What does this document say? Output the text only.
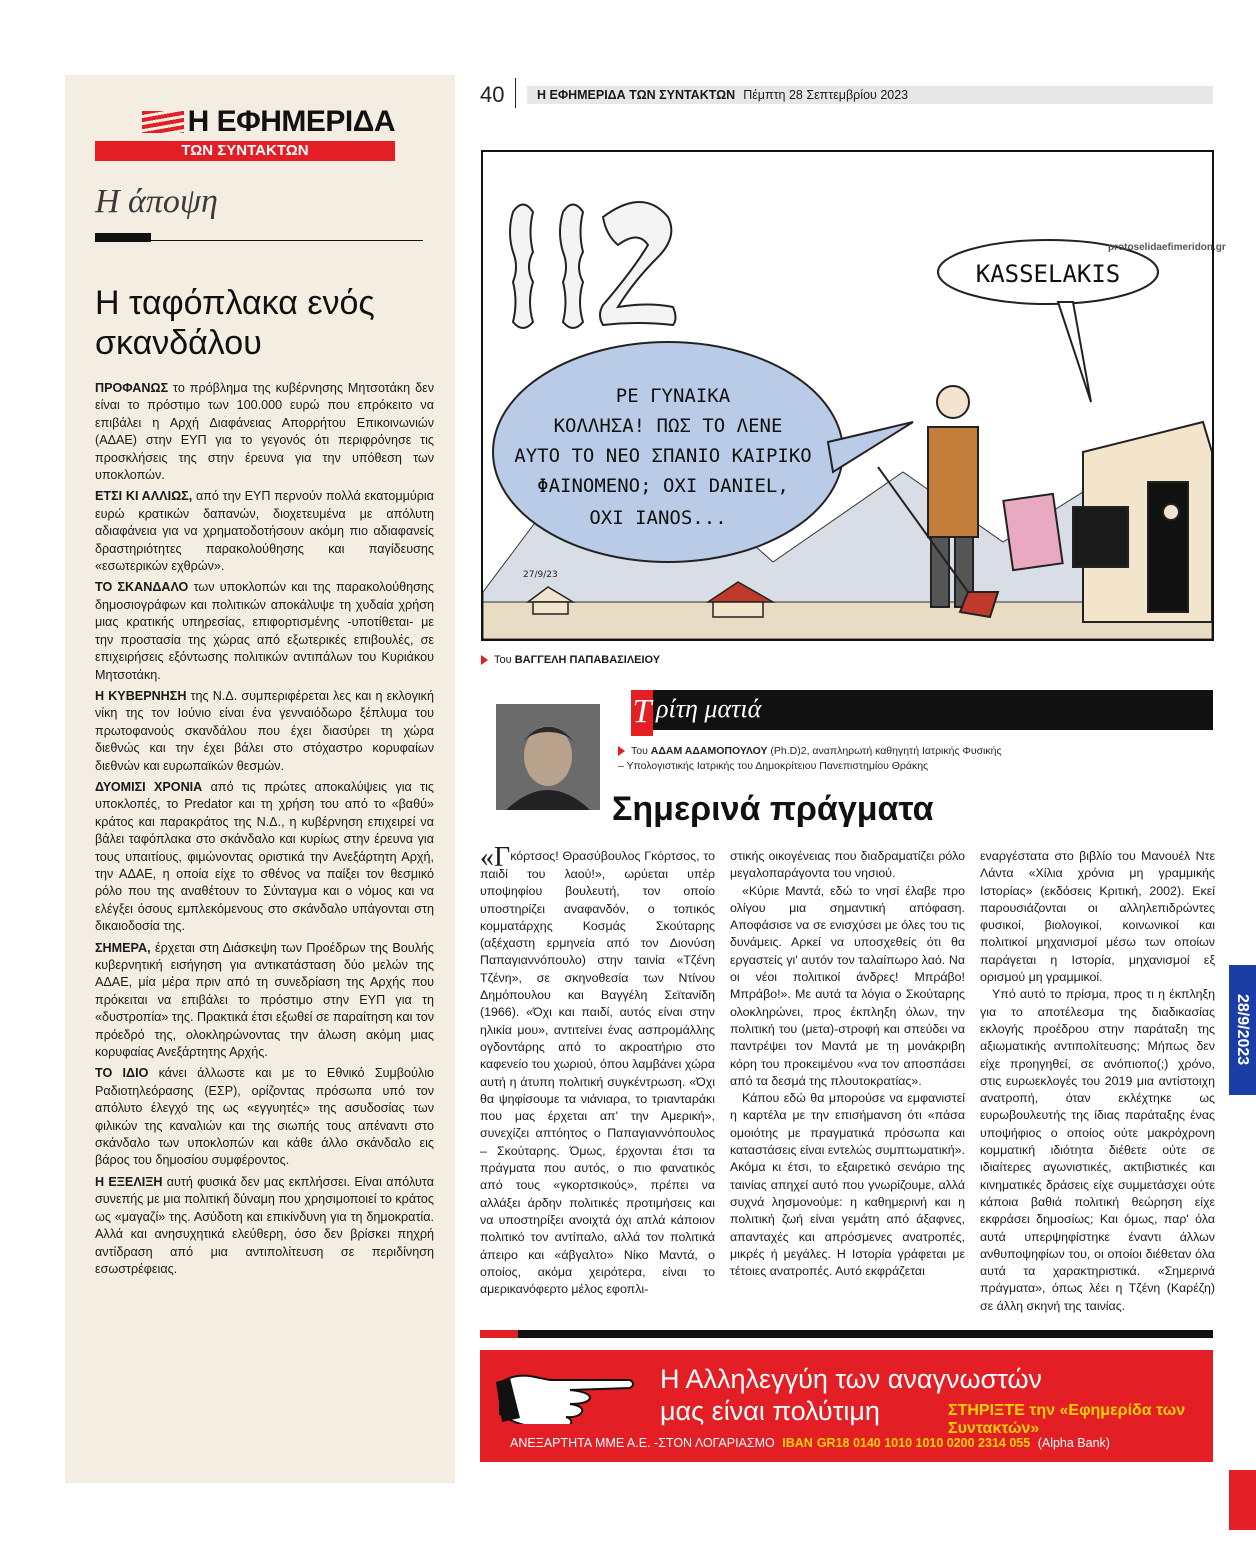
Η ΕΦΗΜΕΡΙΔΑ
ΤΩΝ ΣΥΝΤΑΚΤΩΝ
Η άποψη
Η ταφόπλακα ενός σκανδάλου

ΠΡΟΦΑΝΩΣ το πρόβλημα της κυβέρνησης Μητσοτάκη δεν είναι το πρόστιμο των 100.000 ευρώ που επρόκειτο να επιβάλει η Αρχή Διαφάνειας Απορρήτου Επικοινωνιών (ΑΔΑΕ) στην ΕΥΠ για το γεγονός ότι περιφρόνησε τις προσκλήσεις της στην έρευνα για την υπόθεση των υποκλοπών.

ΕΤΣΙ ΚΙ ΑΛΛΙΩΣ, από την ΕΥΠ περνούν πολλά εκατομμύρια ευρώ κρατικών δαπανών, διοχετευμένα με απόλυτη αδιαφάνεια για να χρηματοδοτήσουν ακόμη πιο αδιαφανείς δραστηριότητες παρακολούθησης και παγίδευσης «εσωτερικών εχθρών».

ΤΟ ΣΚΑΝΔΑΛΟ των υποκλοπών και της παρακολούθησης δημοσιογράφων και πολιτικών αποκάλυψε τη χυδαία χρήση μιας κρατικής υπηρεσίας, επιφορτισμένης -υποτίθεται- με την προστασία της χώρας από εξωτερικές επιβουλές, σε επιχειρήσεις εξόντωσης πολιτικών αντιπάλων του Κυριάκου Μητσοτάκη.

Η ΚΥΒΕΡΝΗΣΗ της Ν.Δ. συμπεριφέρεται λες και η εκλογική νίκη της τον Ιούνιο είναι ένα γενναιόδωρο ξέπλυμα του πρωτοφανούς σκανδάλου που έχει διασύρει τη χώρα διεθνώς και την έχει βάλει στο στόχαστρο κορυφαίων διεθνών και ευρωπαϊκών θεσμών.

ΔΥΟΜΙΣΙ ΧΡΟΝΙΑ από τις πρώτες αποκαλύψεις για τις υποκλοπές, το Predator και τη χρήση του από το «βαθύ» κράτος και παρακράτος της Ν.Δ., η κυβέρνηση επιχειρεί να βάλει ταφόπλακα στο σκάνδαλο και κυρίως στην έρευνα για τους υπαιτίους, φιμώνοντας οριστικά την Ανεξάρτητη Αρχή, την ΑΔΑΕ, η οποία είχε το σθένος να παίξει τον θεσμικό ρόλο που της αναθέτουν το Σύνταγμα και ο νόμος και να ελέγξει όσους εμπλεκόμενους στο σκάνδαλο υπάγονται στη δικαιοδοσία της.

ΣΗΜΕΡΑ, έρχεται στη Διάσκεψη των Προέδρων της Βουλής κυβερνητική εισήγηση για αντικατάσταση δύο μελών της ΑΔΑΕ, μία μέρα πριν από τη συνεδρίαση της Αρχής που πρόκειται να επιβάλει το πρόστιμο στην ΕΥΠ για τη «δυστροπία» της. Πρακτικά έτσι εξωθεί σε παραίτηση και τον πρόεδρό της, ολοκληρώνοντας την άλωση ακόμη μιας κορυφαίας Ανεξάρτητης Αρχής.

ΤΟ ΙΔΙΟ κάνει άλλωστε και με το Εθνικό Συμβούλιο Ραδιοτηλεόρασης (ΕΣΡ), ορίζοντας πρόσωπα υπό τον απόλυτο έλεγχό της ως «εγγυητές» της ασυδοσίας των φιλικών της καναλιών και της σιωπής τους απέναντι στο σκάνδαλο των υποκλοπών και κάθε άλλο σκάνδαλο εις βάρος του δημοσίου συμφέροντος.

Η ΕΞΕΛΙΞΗ αυτή φυσικά δεν μας εκπλήσσει. Είναι απόλυτα συνεπής με μια πολιτική δύναμη που χρησιμοποιεί το κράτος ως «μαγαζί» της. Ασύδοτη και επικίνδυνη για τη δημοκρατία. Αλλά και ανησυχητικά ελεύθερη, όσο δεν βρίσκει πηχρή αντίδραση από μια αντιπολίτευση σε περιδίνηση εσωστρέφειας.

40	Η ΕΦΗΜΕΡΙΔΑ ΤΩΝ ΣΥΝΤΑΚΤΩΝ Πέμπτη 28 Σεπτεμβρίου 2023
KASSELAKIS
ΡΕ ΓΥΝΑΙΚΑ
ΚΟΛΛΗΣΑ! ΠΩΣ ΤΟ ΛΕΝΕ
ΑΥΤΟ ΤΟ ΝΕΟ ΣΠΑΝΙΟ ΚΑΙΡΙΚΟ
ΦΑΙΝΟΜΕΝΟ; ΟΧΙ DANIEL,
ΟΧΙ IANOS...
27/9/23
protoselidaefimeridon.gr
Του ΒΑΓΓΕΛΗ ΠΑΠΑΒΑΣΙΛΕΙΟΥ
Τ ρίτη ματιά
Του ΑΔΑΜ ΑΔΑΜΟΠΟΥΛΟΥ (Ph.D)2, αναπληρωτή καθηγητή Ιατρικής Φυσικής
– Υπολογιστικής Ιατρικής του Δημοκρίτειου Πανεπιστημίου Θράκης
Σημερινά πράγματα

«Γκόρτσος! Θρασύβουλος Γκόρτσος, το παιδί του λαού!», ωρύεται υπέρ υποψηφίου βουλευτή, τον οποίο υποστηρίζει αναφανδόν, ο τοπικός κομματάρχης Κοσμάς Σκούταρης (αξέχαστη ερμηνεία από τον Διονύση Παπαγιαννόπουλο) στην ταινία «Τζένη Τζένη», σε σκηνοθεσία των Ντίνου Δημόπουλου και Βαγγέλη Σεϊτανίδη (1966). «Όχι και παιδί, αυτός είναι στην ηλικία μου», αντιτείνει ένας ασπρομάλλης ογδοντάρης από το ακροατήριο στο καφενείο του χωριού, όπου λαμβάνει χώρα αυτή η άτυπη πολιτική συγκέντρωση. «Όχι θα ψηφίσουμε τα νιάνιαρα, το τριανταράκι που μας έρχεται απ' την Αμερική», συνεχίζει απτόητος ο Παπαγιαννόπουλος – Σκούταρης. Όμως, έρχονται έτσι τα πράγματα που αυτός, ο πιο φανατικός από τους «γκορτσικούς», πρέπει να αλλάξει άρδην πολιτικές προτιμήσεις και να υποστηρίξει ανοιχτά όχι απλά κάποιον πολιτικό τον αντίπαλο, αλλά τον πολιτικά άπειρο και «άβγαλτο» Νίκο Μαντά, ο οποίος, ακόμα χειρότερα, είναι το αμερικανόφερτο μέλος εφοπλι-

στικής οικογένειας που διαδραματίζει ρόλο μεγαλοπαράγοντα του νησιού.

«Κύριε Μαντά, εδώ το νησί έλαβε προ ολίγου μια σημαντική απόφαση. Αποφάσισε να σε ενισχύσει με όλες του τις δυνάμεις. Αρκεί να υποσχεθείς ότι θα εργαστείς γι' αυτόν τον ταλαίπωρο λαό. Να οι νέοι πολιτικοί άνδρες! Μπράβο! Μπράβο!». Με αυτά τα λόγια ο Σκούταρης ολοκληρώνει, προς έκπληξη όλων, την πολιτική του (μετα)-στροφή και σπεύδει να παντρέψει τον Μαντά με τη μονάκριβη κόρη του προκειμένου «να τον αποσπάσει από τα δεσμά της πλουτοκρατίας».

Κάπου εδώ θα μπορούσε να εμφανιστεί η καρτέλα με την επισήμανση ότι «πάσα ομοιότης με πραγματικά πρόσωπα και καταστάσεις είναι εντελώς συμπτωματική». Ακόμα κι έτσι, το εξαιρετικό σενάριο της ταινίας απηχεί αυτό που γνωρίζουμε, αλλά συχνά λησμονούμε: η καθημερινή και η πολιτική ζωή είναι γεμάτη από άξαφνες, απανταχές και απρόσμενες ανατροπές, μικρές ή μεγάλες. Η Ιστορία γράφεται με τέτοιες ανατροπές. Αυτό εκφράζεται

εναργέστατα στο βιβλίο του Μανουέλ Ντε Λάντα «Χίλια χρόνια μη γραμμικής Ιστορίας» (εκδόσεις Κριτική, 2002). Εκεί παρουσιάζονται οι αλληλεπιδρώντες φυσικοί, βιολογικοί, κοινωνικοί και πολιτικοί μηχανισμοί μέσω των οποίων παράγεται η Ιστορία, μηχανισμοί εξ ορισμού μη γραμμικοί.

Υπό αυτό το πρίσμα, προς τι η έκπληξη για το αποτέλεσμα της διαδικασίας εκλογής προέδρου στην παράταξη της αξιωματικής αντιπολίτευσης; Μήπως δεν είχε προηγηθεί, σε ανόπιοπο(;) χρόνο, στις ευρωεκλογές του 2019 μια αντίστοιχη ανατροπή, όταν εκλέχτηκε ως ευρωβουλευτής της ίδιας παράταξης ένας υποψήφιος ο οποίος ούτε μακρόχρονη κομματική ιδιότητα διέθετε ούτε σε ιδιαίτερες αγωνιστικές, ακτιβιστικές και κινηματικές δράσεις είχε συμμετάσχει ούτε κάποια βαθιά πολιτική θεώρηση είχε εκφράσει δημοσίως; Και όμως, παρ' όλα αυτά υπερψηφίστηκε έναντι άλλων ανθυποψηφίων του, οι οποίοι διέθεταν όλα αυτά τα χαρακτηριστικά. «Σημερινά πράγματα», όπως λέει η Τζένη (Καρέζη) σε άλλη σκηνή της ταινίας.

Η Αλληλεγγύη των αναγνωστών
μας είναι πολύτιμη	ΣΤΗΡΙΞΤΕ την «Εφημερίδα των Συντακτών»
ΑΝΕΞΑΡΤΗΤΑ ΜΜΕ Α.Ε. -ΣΤΟΝ ΛΟΓΑΡΙΑΣΜΟ IBAN GR18 0140 1010 1010 0200 2314 055 (Alpha Bank)
28/9/2023
